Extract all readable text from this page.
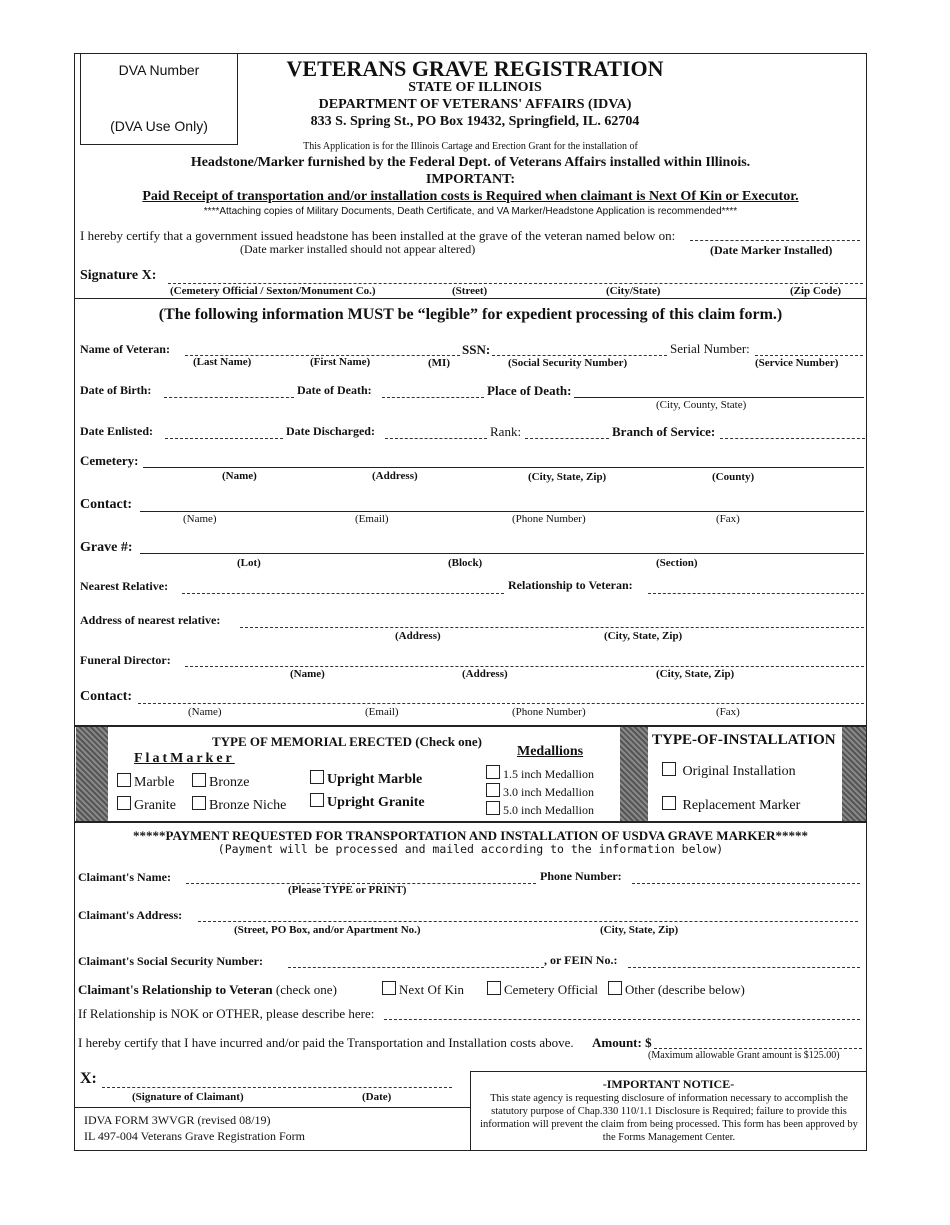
DVA Number
(DVA Use Only)
VETERANS GRAVE REGISTRATION
STATE OF ILLINOIS
DEPARTMENT OF VETERANS' AFFAIRS (IDVA)
833 S. Spring St., PO Box 19432, Springfield, IL. 62704
This Application is for the Illinois Cartage and Erection Grant for the installation of
Headstone/Marker furnished by the Federal Dept. of Veterans Affairs installed within Illinois.
IMPORTANT:
Paid Receipt of transportation and/or installation costs is Required when claimant is Next Of Kin or Executor.
****Attaching copies of Military Documents, Death Certificate, and VA Marker/Headstone Application is recommended****
I hereby certify that a government issued headstone has been installed at the grave of the veteran named below on:
(Date marker installed should not appear altered)	(Date Marker Installed)
Signature X:
(Cemetery Official / Sexton/Monument Co.)	(Street)	(City/State)	(Zip Code)
(The following information MUST be “legible” for expedient processing of this claim form.)
Name of Veteran:	SSN:	Serial Number:
(Last Name)	(First Name)	(MI)	(Social Security Number)	(Service Number)
Date of Birth:	Date of Death:	Place of Death:
(City, County, State)
Date Enlisted:	Date Discharged:	Rank:	Branch of Service:
Cemetery:
(Name)	(Address)	(City, State, Zip)	(County)
Contact:
(Name)	(Email)	(Phone Number)	(Fax)
Grave #:
(Lot)	(Block)	(Section)
Nearest Relative:	Relationship to Veteran:
Address of nearest relative:
(Address)	(City, State, Zip)
Funeral Director:
(Name)	(Address)	(City, State, Zip)
Contact:
(Name)	(Email)	(Phone Number)	(Fax)
TYPE OF MEMORIAL ERECTED (Check one)
FlatMarker
Marble	Bronze
Granite	Bronze Niche
Upright Marble
Upright Granite
Medallions
1.5 inch Medallion
3.0 inch Medallion
5.0 inch Medallion
TYPE-OF-INSTALLATION
Original Installation
Replacement Marker
*****PAYMENT REQUESTED FOR TRANSPORTATION AND INSTALLATION OF USDVA GRAVE MARKER*****
(Payment will be processed and mailed according to the information below)
Claimant's Name:
(Please TYPE or PRINT)
Phone Number:
Claimant's Address:
(Street, PO Box, and/or Apartment No.)	(City, State, Zip)
Claimant's Social Security Number:	, or FEIN No.:
Claimant's Relationship to Veteran (check one)	Next Of Kin	Cemetery Official	Other (describe below)
If Relationship is NOK or OTHER, please describe here:
I hereby certify that I have incurred and/or paid the Transportation and Installation costs above. Amount: $
(Maximum allowable Grant amount is $125.00)
X:
(Signature of Claimant)	(Date)
IDVA FORM 3WVGR (revised 08/19)
IL 497-004 Veterans Grave Registration Form
-IMPORTANT NOTICE-
This state agency is requesting disclosure of information necessary to accomplish the statutory purpose of Chap.330 110/1.1 Disclosure is Required; failure to provide this information will prevent the claim from being processed. This form has been approved by the Forms Management Center.
